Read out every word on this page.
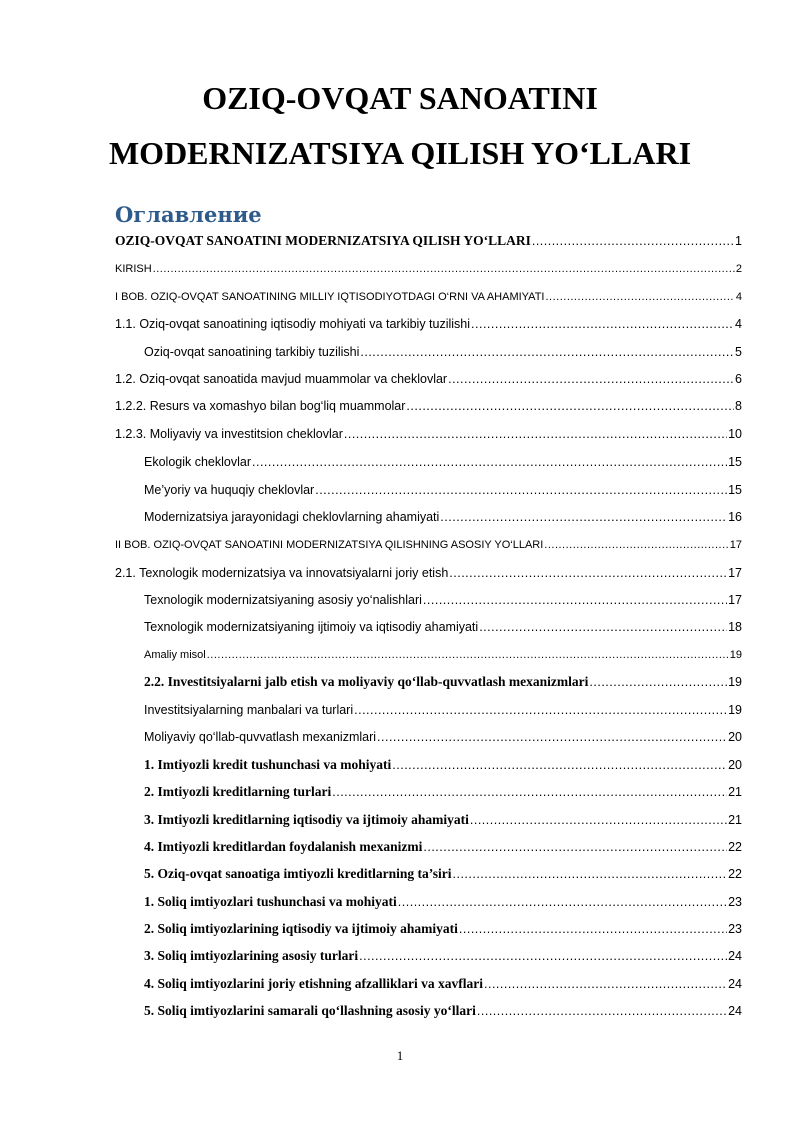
OZIQ-OVQAT SANOATINI
MODERNIZATSIYA QILISH YO‘LLARI
Оглавление
OZIQ-OVQAT SANOATINI MODERNIZATSIYA QILISH YO‘LLARI .....	1
KIRISH .....	2
I BOB. OZIQ-OVQAT SANOATINING MILLIY IQTISODIYOTDAGI O‘RNI VA AHAMIYATI .....	4
1.1. Oziq-ovqat sanoatining iqtisodiy mohiyati va tarkibiy tuzilishi .....	4
Oziq-ovqat sanoatining tarkibiy tuzilishi .....	5
1.2. Oziq-ovqat sanoatida mavjud muammolar va cheklovlar .....	6
1.2.2. Resurs va xomashyo bilan bog‘liq muammolar .....	8
1.2.3. Moliyaviy va investitsion cheklovlar .....	10
Ekologik cheklovlar .....	15
Me’yoriy va huquqiy cheklovlar .....	15
Modernizatsiya jarayonidagi cheklovlarning ahamiyati .....	16
II BOB. OZIQ-OVQAT SANOATINI MODERNIZATSIYA QILISHNING ASOSIY YO‘LLARI .....	17
2.1. Texnologik modernizatsiya va innovatsiyalarni joriy etish .....	17
Texnologik modernizatsiyaning asosiy yo‘nalishlari .....	17
Texnologik modernizatsiyaning ijtimoiy va iqtisodiy ahamiyati .....	18
Amaliy misol .....	19
2.2. Investitsiyalarni jalb etish va moliyaviy qo‘llab-quvvatlash mexanizmlari .....	19
Investitsiyalarning manbalari va turlari .....	19
Moliyaviy qo‘llab-quvvatlash mexanizmlari .....	20
1. Imtiyozli kredit tushunchasi va mohiyati .....	20
2. Imtiyozli kreditlarning turlari .....	21
3. Imtiyozli kreditlarning iqtisodiy va ijtimoiy ahamiyati .....	21
4. Imtiyozli kreditlardan foydalanish mexanizmi .....	22
5. Oziq-ovqat sanoatiga imtiyozli kreditlarning ta’siri .....	22
1. Soliq imtiyozlari tushunchasi va mohiyati .....	23
2. Soliq imtiyozlarining iqtisodiy va ijtimoiy ahamiyati .....	23
3. Soliq imtiyozlarining asosiy turlari .....	24
4. Soliq imtiyozlarini joriy etishning afzalliklari va xavflari .....	24
5. Soliq imtiyozlarini samarali qo‘llashning asosiy yo‘llari .....	24
1
